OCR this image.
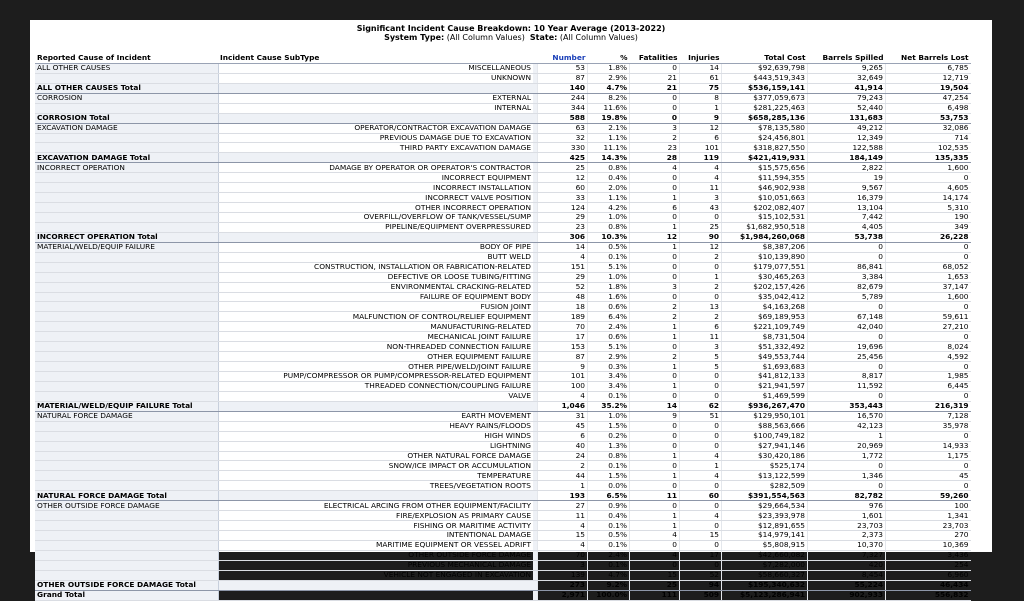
Significant Incident Cause Breakdown: 10 Year Average (2013-2022)
System Type: (All Column Values) State: (All Column Values)
Reported Cause of Incident	Incident Cause SubType		Number	%	Fatalities	Injuries	Total Cost	Barrels Spilled	Net Barrels Lost
ALL OTHER CAUSES	MISCELLANEOUS		53	1.8%	0	14	$92,639,798	9,265	6,785
	UNKNOWN		87	2.9%	21	61	$443,519,343	32,649	12,719
ALL OTHER CAUSES Total			140	4.7%	21	75	$536,159,141	41,914	19,504
CORROSION	EXTERNAL		244	8.2%	0	8	$377,059,673	79,243	47,254
	INTERNAL		344	11.6%	0	1	$281,225,463	52,440	6,498
CORROSION Total			588	19.8%	0	9	$658,285,136	131,683	53,753
EXCAVATION DAMAGE	OPERATOR/CONTRACTOR EXCAVATION DAMAGE		63	2.1%	3	12	$78,135,580	49,212	32,086
	PREVIOUS DAMAGE DUE TO EXCAVATION		32	1.1%	2	6	$24,456,801	12,349	714
	THIRD PARTY EXCAVATION DAMAGE		330	11.1%	23	101	$318,827,550	122,588	102,535
EXCAVATION DAMAGE Total			425	14.3%	28	119	$421,419,931	184,149	135,335
INCORRECT OPERATION	DAMAGE BY OPERATOR OR OPERATOR'S CONTRACTOR		25	0.8%	4	4	$15,575,656	2,822	1,600
	INCORRECT EQUIPMENT		12	0.4%	0	4	$11,594,355	19	0
	INCORRECT INSTALLATION		60	2.0%	0	11	$46,902,938	9,567	4,605
	INCORRECT VALVE POSITION		33	1.1%	1	3	$10,051,663	16,379	14,174
	OTHER INCORRECT OPERATION		124	4.2%	6	43	$202,082,407	13,104	5,310
	OVERFILL/OVERFLOW OF TANK/VESSEL/SUMP		29	1.0%	0	0	$15,102,531	7,442	190
	PIPELINE/EQUIPMENT OVERPRESSURED		23	0.8%	1	25	$1,682,950,518	4,405	349
INCORRECT OPERATION Total			306	10.3%	12	90	$1,984,260,068	53,738	26,228
MATERIAL/WELD/EQUIP FAILURE	BODY OF PIPE		14	0.5%	1	12	$8,387,206	0	0
	BUTT WELD		4	0.1%	0	2	$10,139,890	0	0
	CONSTRUCTION, INSTALLATION OR FABRICATION-RELATED		151	5.1%	0	0	$179,077,551	86,841	68,052
	DEFECTIVE OR LOOSE TUBING/FITTING		29	1.0%	0	1	$30,465,263	3,384	1,653
	ENVIRONMENTAL CRACKING-RELATED		52	1.8%	3	2	$202,157,426	82,679	37,147
	FAILURE OF EQUIPMENT BODY		48	1.6%	0	0	$35,042,412	5,789	1,600
	FUSION JOINT		18	0.6%	2	13	$4,163,268	0	0
	MALFUNCTION OF CONTROL/RELIEF EQUIPMENT		189	6.4%	2	2	$69,189,953	67,148	59,611
	MANUFACTURING-RELATED		70	2.4%	1	6	$221,109,749	42,040	27,210
	MECHANICAL JOINT FAILURE		17	0.6%	1	11	$8,731,504	0	0
	NON-THREADED CONNECTION FAILURE		153	5.1%	0	3	$51,332,492	19,696	8,024
	OTHER EQUIPMENT FAILURE		87	2.9%	2	5	$49,553,744	25,456	4,592
	OTHER PIPE/WELD/JOINT FAILURE		9	0.3%	1	5	$1,693,683	0	0
	PUMP/COMPRESSOR OR PUMP/COMPRESSOR-RELATED EQUIPMENT		101	3.4%	0	0	$41,812,133	8,817	1,985
	THREADED CONNECTION/COUPLING FAILURE		100	3.4%	1	0	$21,941,597	11,592	6,445
	VALVE		4	0.1%	0	0	$1,469,599	0	0
MATERIAL/WELD/EQUIP FAILURE Total			1,046	35.2%	14	62	$936,267,470	353,443	216,319
NATURAL FORCE DAMAGE	EARTH MOVEMENT		31	1.0%	9	51	$129,950,101	16,570	7,128
	HEAVY RAINS/FLOODS		45	1.5%	0	0	$88,563,666	42,123	35,978
	HIGH WINDS		6	0.2%	0	0	$100,749,182	1	0
	LIGHTNING		40	1.3%	0	0	$27,941,146	20,969	14,933
	OTHER NATURAL FORCE DAMAGE		24	0.8%	1	4	$30,420,186	1,772	1,175
	SNOW/ICE IMPACT OR ACCUMULATION		2	0.1%	0	1	$525,174	0	0
	TEMPERATURE		44	1.5%	1	4	$13,122,599	1,346	45
	TREES/VEGETATION ROOTS		1	0.0%	0	0	$282,509	0	0
NATURAL FORCE DAMAGE Total			193	6.5%	11	60	$391,554,563	82,782	59,260
OTHER OUTSIDE FORCE DAMAGE	ELECTRICAL ARCING FROM OTHER EQUIPMENT/FACILITY		27	0.9%	0	0	$29,664,534	976	100
	FIRE/EXPLOSION AS PRIMARY CAUSE		11	0.4%	1	4	$23,393,978	1,601	1,341
	FISHING OR MARITIME ACTIVITY		4	0.1%	1	0	$12,891,655	23,703	23,703
	INTENTIONAL DAMAGE		15	0.5%	4	15	$14,979,141	2,373	270
	MARITIME EQUIPMENT OR VESSEL ADRIFT		4	0.1%	0	0	$5,808,915	10,370	10,369
	OTHER OUTSIDE FORCE DAMAGE		70	2.4%	4	17	$42,660,082	7,327	3,436
	PREVIOUS MECHANICAL DAMAGE		3	0.1%	0	0	$7,282,000	420	254
	VEHICLE NOT ENGAGED IN EXCAVATION		139	4.7%	15	52	$58,660,327	8,454	6,960
OTHER OUTSIDE FORCE DAMAGE Total			273	9.2%	25	94	$195,340,632	55,224	46,434
Grand Total			2,971	100.0%	111	509	$5,123,286,941	902,933	556,832
